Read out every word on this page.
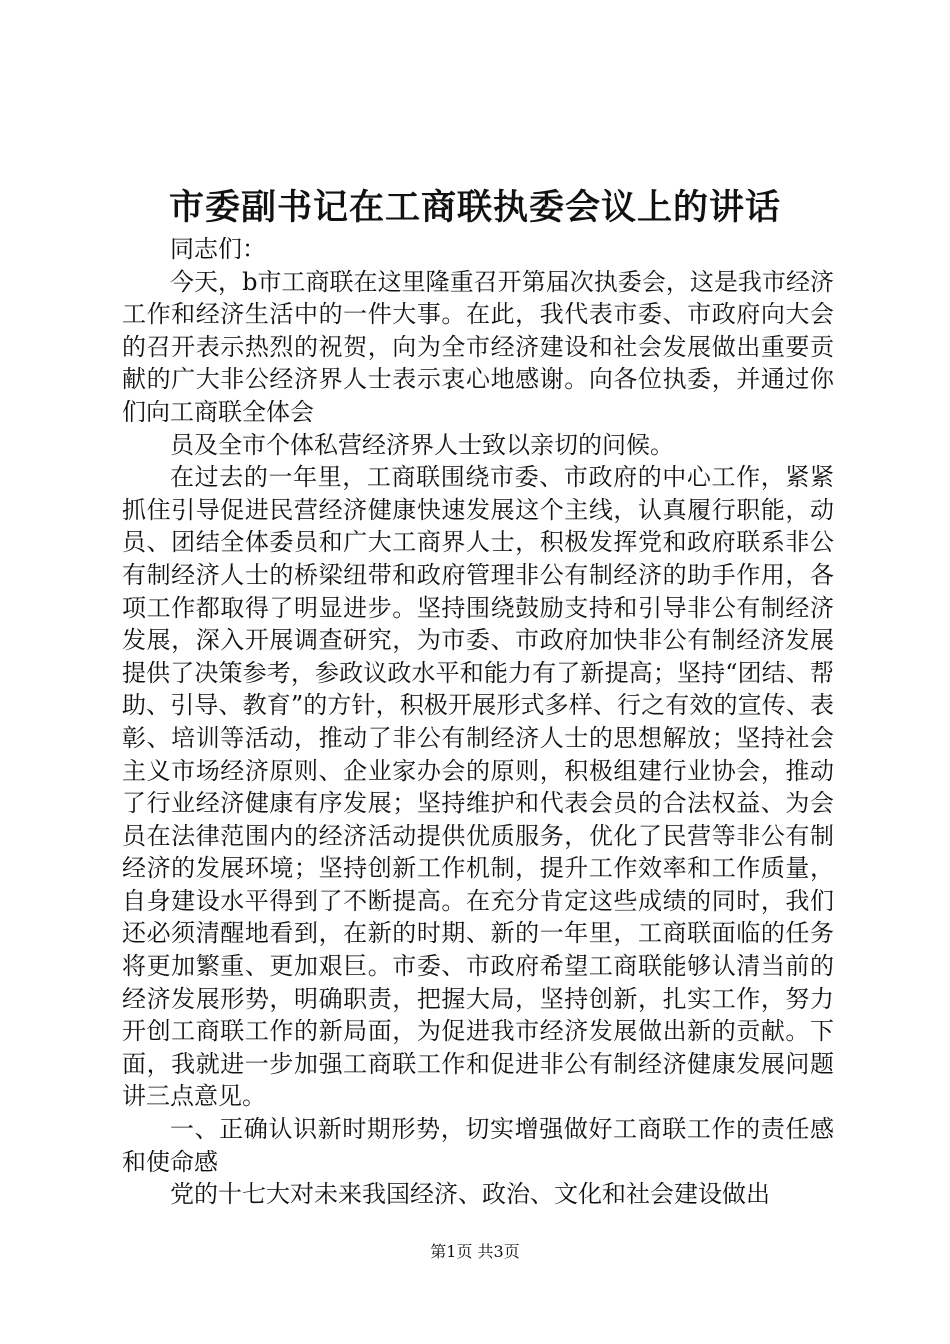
市委副书记在工商联执委会议上的讲话

同志们：

今天，b市工商联在这里隆重召开第届次执委会，这是我市经济工作和经济生活中的一件大事。在此，我代表市委、市政府向大会的召开表示热烈的祝贺，向为全市经济建设和社会发展做出重要贡献的广大非公经济界人士表示衷心地感谢。向各位执委，并通过你们向工商联全体会

员及全市个体私营经济界人士致以亲切的问候。

在过去的一年里，工商联围绕市委、市政府的中心工作，紧紧抓住引导促进民营经济健康快速发展这个主线，认真履行职能，动员、团结全体委员和广大工商界人士，积极发挥党和政府联系非公有制经济人士的桥梁纽带和政府管理非公有制经济的助手作用，各项工作都取得了明显进步。坚持围绕鼓励支持和引导非公有制经济发展，深入开展调查研究，为市委、市政府加快非公有制经济发展提供了决策参考，参政议政水平和能力有了新提高；坚持“团结、帮助、引导、教育”的方针，积极开展形式多样、行之有效的宣传、表彰、培训等活动，推动了非公有制经济人士的思想解放；坚持社会主义市场经济原则、企业家办会的原则，积极组建行业协会，推动了行业经济健康有序发展；坚持维护和代表会员的合法权益、为会员在法律范围内的经济活动提供优质服务，优化了民营等非公有制经济的发展环境；坚持创新工作机制，提升工作效率和工作质量，自身建设水平得到了不断提高。在充分肯定这些成绩的同时，我们还必须清醒地看到，在新的时期、新的一年里，工商联面临的任务将更加繁重、更加艰巨。市委、市政府希望工商联能够认清当前的经济发展形势，明确职责，把握大局，坚持创新，扎实工作，努力开创工商联工作的新局面，为促进我市经济发展做出新的贡献。下面，我就进一步加强工商联工作和促进非公有制经济健康发展问题讲三点意见。

一、正确认识新时期形势，切实增强做好工商联工作的责任感和使命感

党的十七大对未来我国经济、政治、文化和社会建设做出

第1页 共3页
